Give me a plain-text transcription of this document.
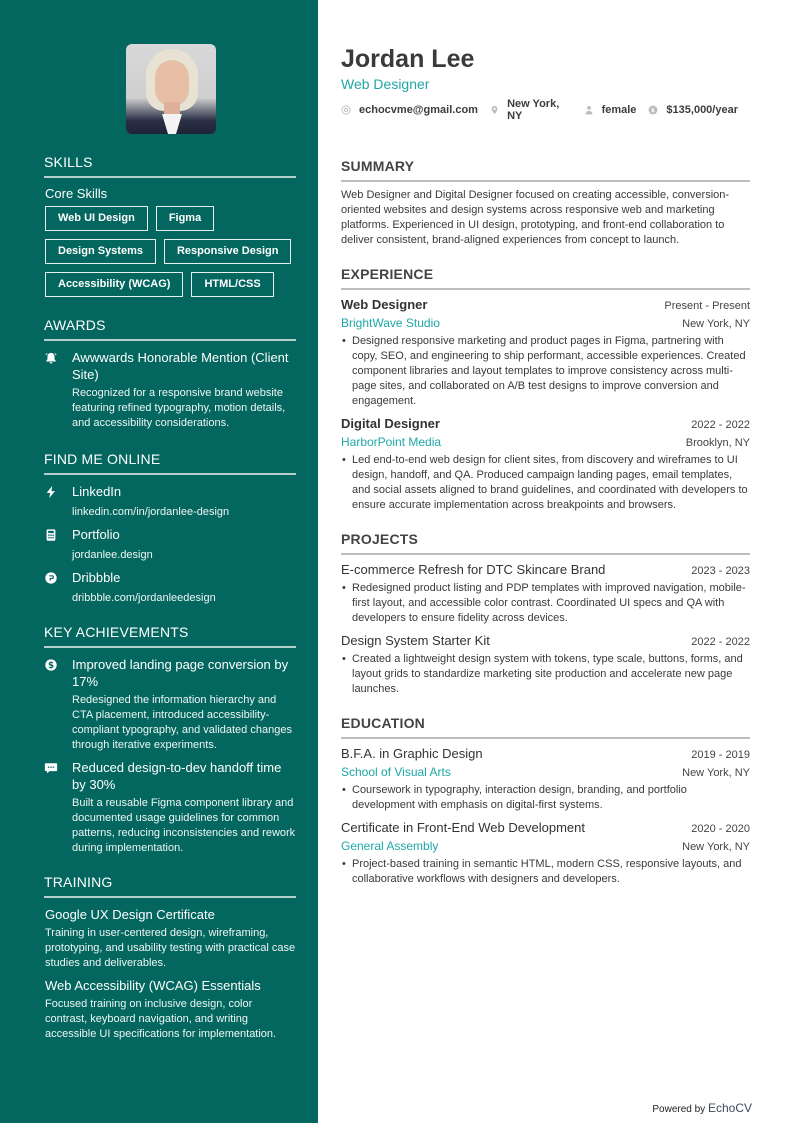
SKILLS
Core Skills
Web UI Design	Figma
Design Systems	Responsive Design
Accessibility (WCAG)	HTML/CSS
AWARDS
Awwwards Honorable Mention (Client Site)
Recognized for a responsive brand website featuring refined typography, motion details, and accessibility considerations.
FIND ME ONLINE
LinkedIn
linkedin.com/in/jordanlee-design
Portfolio
jordanlee.design
Dribbble
dribbble.com/jordanleedesign
KEY ACHIEVEMENTS
$ Improved landing page conversion by 17%
Redesigned the information hierarchy and CTA placement, introduced accessibility-compliant typography, and validated changes through iterative experiments.
Reduced design-to-dev handoff time by 30%
Built a reusable Figma component library and documented usage guidelines for common patterns, reducing inconsistencies and rework during implementation.
TRAINING
Google UX Design Certificate
Training in user-centered design, wireframing, prototyping, and usability testing with practical case studies and deliverables.
Web Accessibility (WCAG) Essentials
Focused training on inclusive design, color contrast, keyboard navigation, and writing accessible UI specifications for implementation.
Jordan Lee
Web Designer
echocvme@gmail.com	New York, NY	female $ $135,000/year
SUMMARY

Web Designer and Digital Designer focused on creating accessible, conversion-oriented websites and design systems across responsive web and marketing platforms. Experienced in UI design, prototyping, and front-end collaboration to deliver consistent, brand-aligned experiences from concept to launch.

EXPERIENCE
Web Designer	Present - Present
BrightWave Studio	New York, NY
• Designed responsive marketing and product pages in Figma, partnering with copy, SEO, and engineering to ship performant, accessible experiences. Created component libraries and layout templates to improve consistency across multi-page sites, and collaborated on A/B test designs to improve conversion and engagement.
Digital Designer	2022 - 2022
HarborPoint Media	Brooklyn, NY
• Led end-to-end web design for client sites, from discovery and wireframes to UI design, handoff, and QA. Produced campaign landing pages, email templates, and social assets aligned to brand guidelines, and coordinated with developers to ensure accurate implementation across breakpoints and browsers.
PROJECTS
E-commerce Refresh for DTC Skincare Brand	2023 - 2023
• Redesigned product listing and PDP templates with improved navigation, mobile-first layout, and accessible color contrast. Coordinated UI specs and QA with developers to ensure fidelity across devices.
Design System Starter Kit	2022 - 2022
• Created a lightweight design system with tokens, type scale, buttons, forms, and layout grids to standardize marketing site production and accelerate new page launches.
EDUCATION
B.F.A. in Graphic Design	2019 - 2019
School of Visual Arts	New York, NY
• Coursework in typography, interaction design, branding, and portfolio development with emphasis on digital-first systems.
Certificate in Front-End Web Development	2020 - 2020
General Assembly	New York, NY
• Project-based training in semantic HTML, modern CSS, responsive layouts, and collaborative workflows with designers and developers.
Powered by EchoCV
